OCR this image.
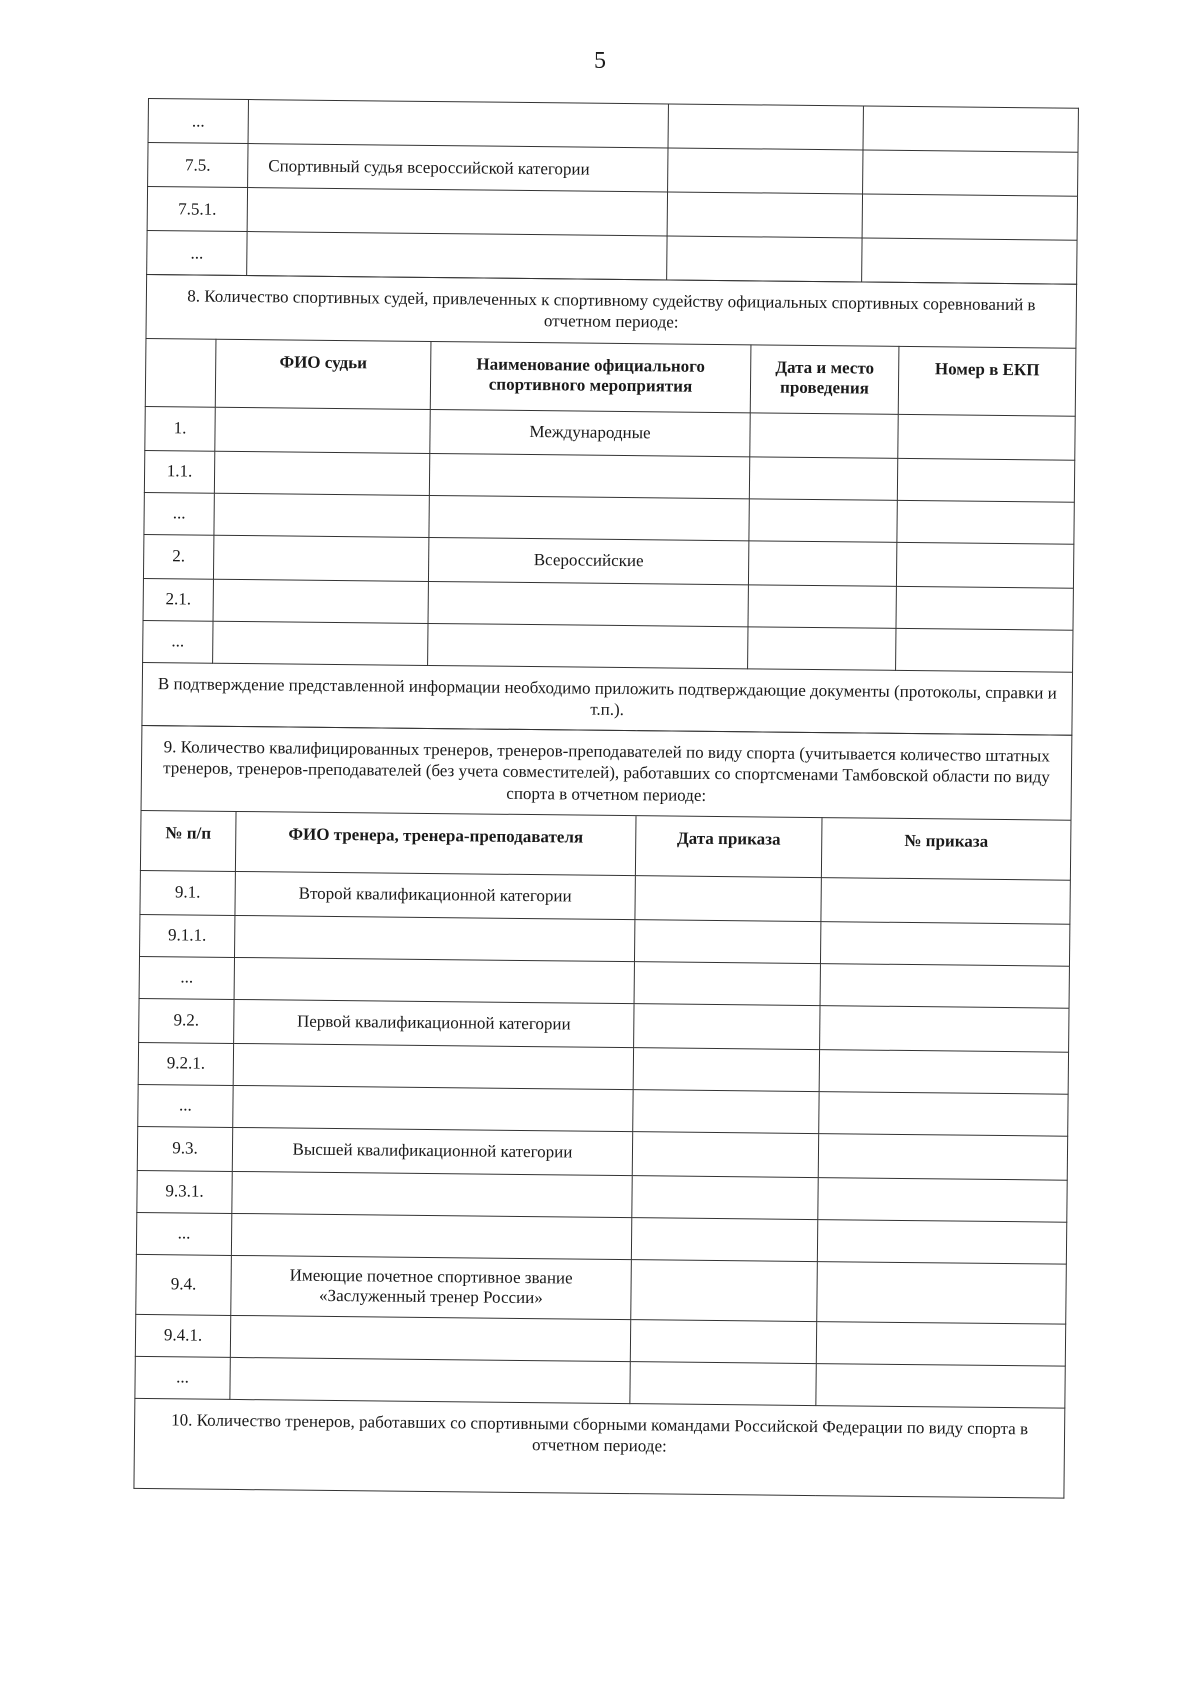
5
...			
7.5.	Спортивный судья всероссийской категории		
7.5.1.			
...			
8. Количество спортивных судей, привлеченных к спортивному судейству официальных спортивных соревнований в отчетном периоде:				
	ФИО судьи	Наименование официального спортивного мероприятия	Дата и место проведения	Номер в ЕКП
1.		Международные		
1.1.				
...				
2.		Всероссийские		
2.1.				
...				
В подтверждение представленной информации необходимо приложить подтверждающие документы (протоколы, справки и т.п.).				
9. Количество квалифицированных тренеров, тренеров-преподавателей по виду спорта (учитывается количество штатных тренеров, тренеров-преподавателей (без учета совместителей), работавших со спортсменами Тамбовской области по виду спорта в отчетном периоде:			
№ п/п	ФИО тренера, тренера-преподавателя	Дата приказа	№ приказа
9.1.	Второй квалификационной категории		
9.1.1.			
...			
9.2.	Первой квалификационной категории		
9.2.1.			
...			
9.3.	Высшей квалификационной категории		
9.3.1.			
...			
9.4.	Имеющие почетное спортивное звание «Заслуженный тренер России»		
9.4.1.			
...			
10. Количество тренеров, работавших со спортивными сборными командами Российской Федерации по виду спорта в отчетном периоде:			
